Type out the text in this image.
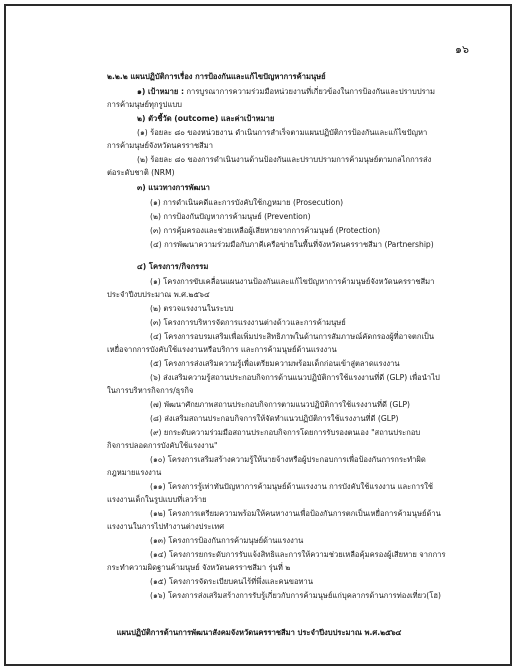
๑๖
๒.๒.๒ แผนปฏิบัติการเรื่อง การป้องกันและแก้ไขปัญหาการค้ามนุษย์
๑) เป้าหมาย : การบูรณาการความร่วมมือหน่วยงานที่เกี่ยวข้องในการป้องกันและปราบปราม
การค้ามนุษย์ทุกรูปแบบ
๒) ตัวชี้วัด (outcome) และค่าเป้าหมาย
(๑) ร้อยละ ๘๐ ของหน่วยงาน ดำเนินการสำเร็จตามแผนปฏิบัติการป้องกันและแก้ไขปัญหา
การค้ามนุษย์จังหวัดนครราชสีมา
(๒) ร้อยละ ๘๐ ของการดำเนินงานด้านป้องกันและปราบปรามการค้ามนุษย์ตามกลไกการส่ง
ต่อระดับชาติ (NRM)
๓) แนวทางการพัฒนา
(๑) การดำเนินคดีและการบังคับใช้กฎหมาย (Prosecution)
(๒) การป้องกันปัญหาการค้ามนุษย์ (Prevention)
(๓) การคุ้มครองและช่วยเหลือผู้เสียหายจากการค้ามนุษย์ (Protection)
(๔) การพัฒนาความร่วมมือกับภาคีเครือข่ายในพื้นที่จังหวัดนครราชสีมา (Partnership)
๔) โครงการ/กิจกรรม
(๑) โครงการขับเคลื่อนแผนงานป้องกันและแก้ไขปัญหาการค้ามนุษย์จังหวัดนครราชสีมา
ประจำปีงบประมาณ พ.ศ.๒๕๖๔
(๒) ตรวจแรงงานในระบบ
(๓) โครงการบริหารจัดการแรงงานต่างด้าวและการค้ามนุษย์
(๔) โครงการอบรมเสริมเพื่อเพิ่มประสิทธิภาพในด้านการสัมภาษณ์คัดกรองผู้ที่อาจตกเป็น
เหยื่อจากการบังคับใช้แรงงานหรือบริการ และการค้ามนุษย์ด้านแรงงาน
(๕) โครงการส่งเสริมความรู้เพื่อเตรียมความพร้อมเด็กก่อนเข้าสู่ตลาดแรงงาน
(๖) ส่งเสริมความรู้สถานประกอบกิจการด้านแนวปฏิบัติการใช้แรงงานที่ดี (GLP) เพื่อนำไป
ในการบริหารกิจการ/ธุรกิจ
(๗) พัฒนาศักยภาพสถานประกอบกิจการตามแนวปฏิบัติการใช้แรงงานที่ดี (GLP)
(๘) ส่งเสริมสถานประกอบกิจการให้จัดทำแนวปฏิบัติการใช้แรงงานที่ดี (GLP)
(๙) ยกระดับความร่วมมือสถานประกอบกิจการโดยการรับรองตนเอง "สถานประกอบ
กิจการปลอดการบังคับใช้แรงงาน"
(๑๐) โครงการเสริมสร้างความรู้ให้นายจ้างหรือผู้ประกอบการเพื่อป้องกันการกระทำผิด
กฎหมายแรงงาน
(๑๑) โครงการรู้เท่าทันปัญหาการค้ามนุษย์ด้านแรงงาน การบังคับใช้แรงงาน และการใช้
แรงงานเด็กในรูปแบบที่เลวร้าย
(๑๒) โครงการเตรียมความพร้อมให้คนหางานเพื่อป้องกันการตกเป็นเหยื่อการค้ามนุษย์ด้าน
แรงงานในการไปทำงานต่างประเทศ
(๑๓) โครงการป้องกันการค้ามนุษย์ด้านแรงงาน
(๑๔) โครงการยกระดับการรับแจ้งสิทธิและการให้ความช่วยเหลือคุ้มครองผู้เสียหาย จากการ
กระทำความผิดฐานค้ามนุษย์ จังหวัดนครราชสีมา รุ่นที่ ๒
(๑๕) โครงการจัดระเบียบคนไร้ที่พึ่งและคนขอทาน
(๑๖) โครงการส่งเสริมสร้างการรับรู้เกี่ยวกับการค้ามนุษย์แก่บุคลากรด้านการท่องเที่ยว(โฮ)
แผนปฏิบัติการด้านการพัฒนาสังคมจังหวัดนครราชสีมา ประจำปีงบประมาณ พ.ศ.๒๕๖๔
